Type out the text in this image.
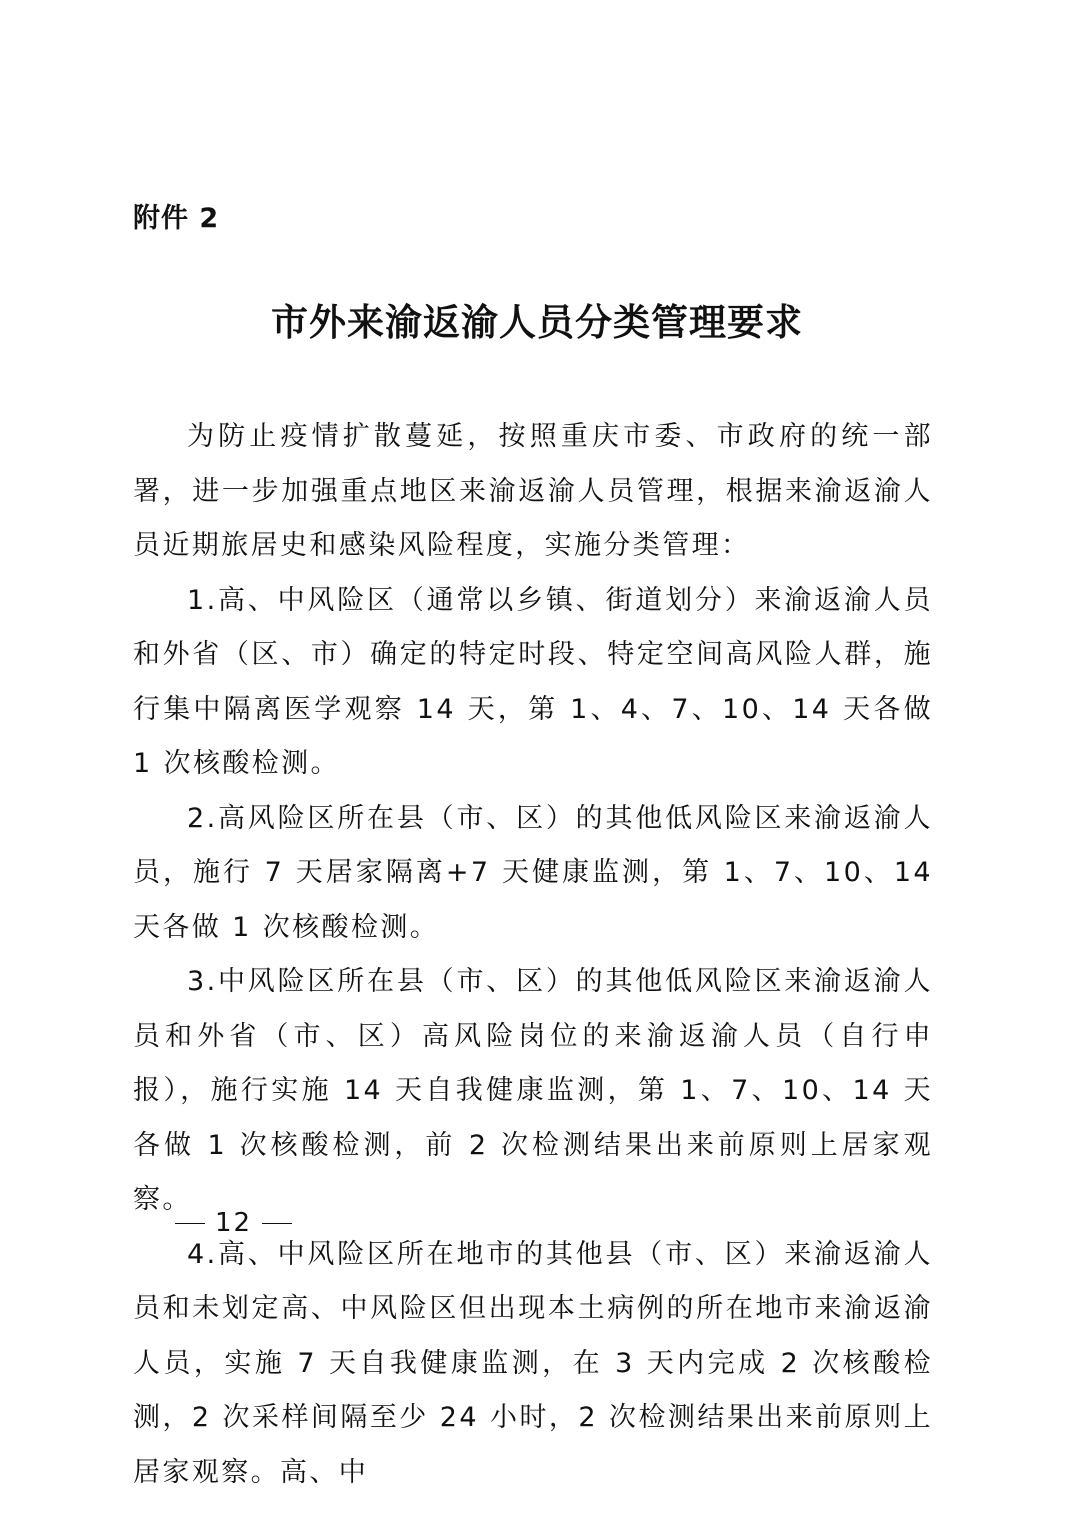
附件 2
市外来渝返渝人员分类管理要求

为防止疫情扩散蔓延，按照重庆市委、市政府的统一部署，进一步加强重点地区来渝返渝人员管理，根据来渝返渝人员近期旅居史和感染风险程度，实施分类管理：

1.高、中风险区（通常以乡镇、街道划分）来渝返渝人员和外省（区、市）确定的特定时段、特定空间高风险人群，施行集中隔离医学观察 14 天，第 1、4、7、10、14 天各做 1 次核酸检测。

2.高风险区所在县（市、区）的其他低风险区来渝返渝人员，施行 7 天居家隔离+7 天健康监测，第 1、7、10、14 天各做 1 次核酸检测。

3.中风险区所在县（市、区）的其他低风险区来渝返渝人员和外省（市、区）高风险岗位的来渝返渝人员（自行申报），施行实施 14 天自我健康监测，第 1、7、10、14 天各做 1 次核酸检测，前 2 次检测结果出来前原则上居家观察。

4.高、中风险区所在地市的其他县（市、区）来渝返渝人员和未划定高、中风险区但出现本土病例的所在地市来渝返渝人员，实施 7 天自我健康监测，在 3 天内完成 2 次核酸检测，2 次采样间隔至少 24 小时，2 次检测结果出来前原则上居家观察。高、中

12
